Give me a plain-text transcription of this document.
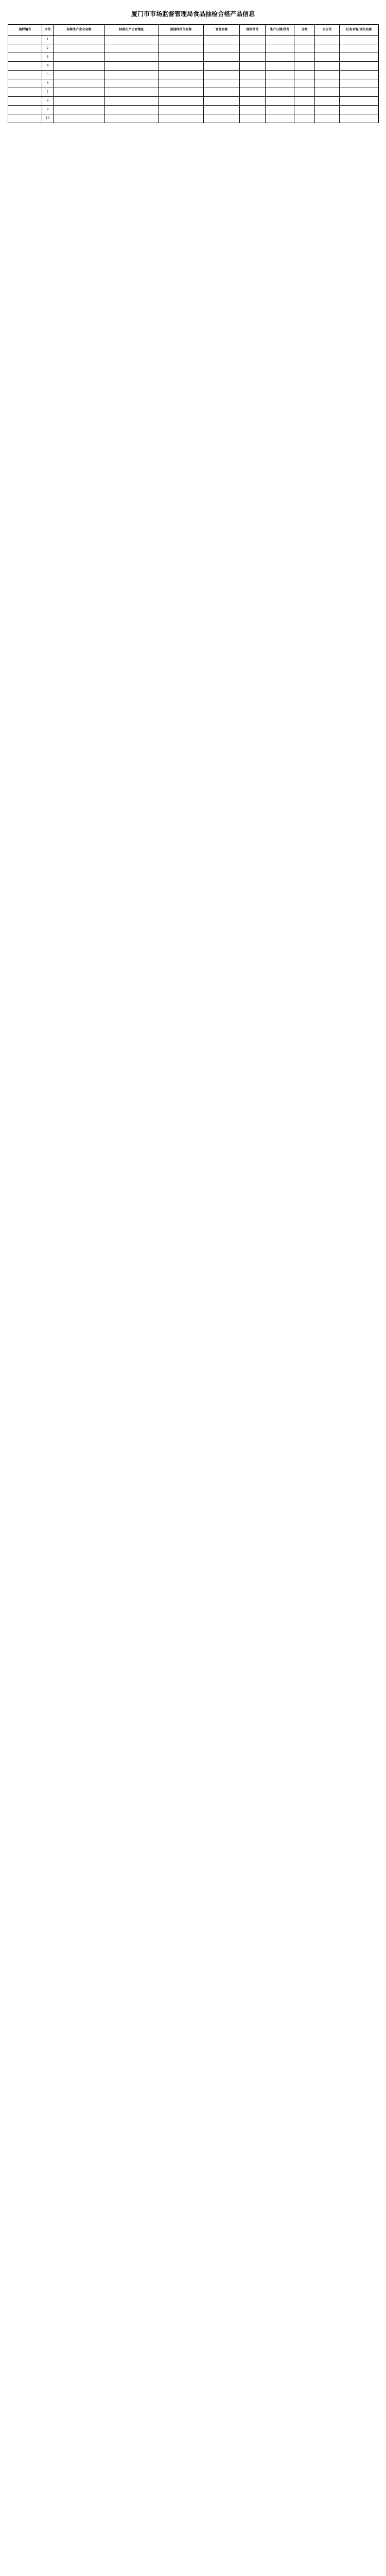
厦门市市场监督管理局食品抽检合格产品信息
抽样编号	序号	标称生产企业名称	标称生产企业地址	被抽样单位名称	食品名称	规格型号	生产日期/批号	分类	公告号	任务来源/项目名称
	1									
	2									
	3									
	4									
	5									
	6									
	7									
	8									
	9									
	10									
